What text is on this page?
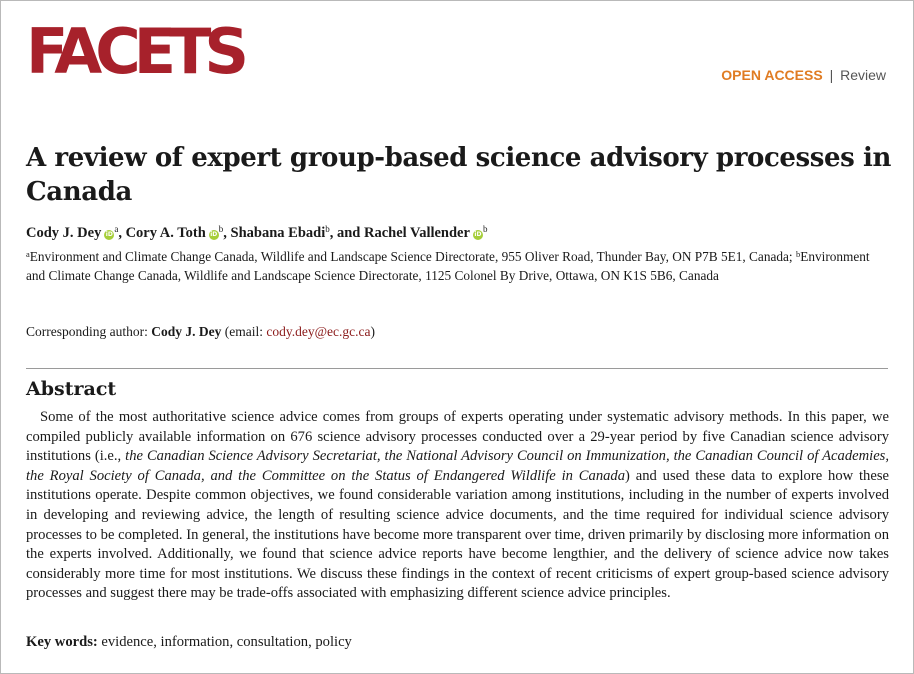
FACETS	OPEN ACCESS | Review
A review of expert group-based science advisory processes in Canada
Cody J. Dey $iD^a$, Cory A. Toth $iD^b$, Shabana Ebadi$^b$, and Rachel Vallender $iD^b$
$^a$Environment and Climate Change Canada, Wildlife and Landscape Science Directorate, 955 Oliver Road, Thunder Bay, ON P7B 5E1, Canada; $^b$Environment and Climate Change Canada, Wildlife and Landscape Science Directorate, 1125 Colonel By Drive, Ottawa, ON K1S 5B6, Canada
Corresponding author: Cody J. Dey (email: cody.dey@ec.gc.ca)
Abstract

Some of the most authoritative science advice comes from groups of experts operating under systematic advisory methods. In this paper, we compiled publicly available information on 676 science advisory processes conducted over a 29-year period by five Canadian science advisory institutions (i.e., the Canadian Science Advisory Secretariat, the National Advisory Council on Immunization, the Canadian Council of Academies, the Royal Society of Canada, and the Committee on the Status of Endangered Wildlife in Canada) and used these data to explore how these institutions operate. Despite common objectives, we found considerable variation among institutions, including in the number of experts involved in developing and reviewing advice, the length of resulting science advice documents, and the time required for individual science advisory processes to be completed. In general, the institutions have become more transparent over time, driven primarily by disclosing more information on the experts involved. Additionally, we found that science advice reports have become lengthier, and the delivery of science advice now takes considerably more time for most institutions. We discuss these findings in the context of recent criticisms of expert group-based science advisory processes and suggest there may be trade-offs associated with emphasizing different science advice principles.

Key words: evidence, information, consultation, policy
